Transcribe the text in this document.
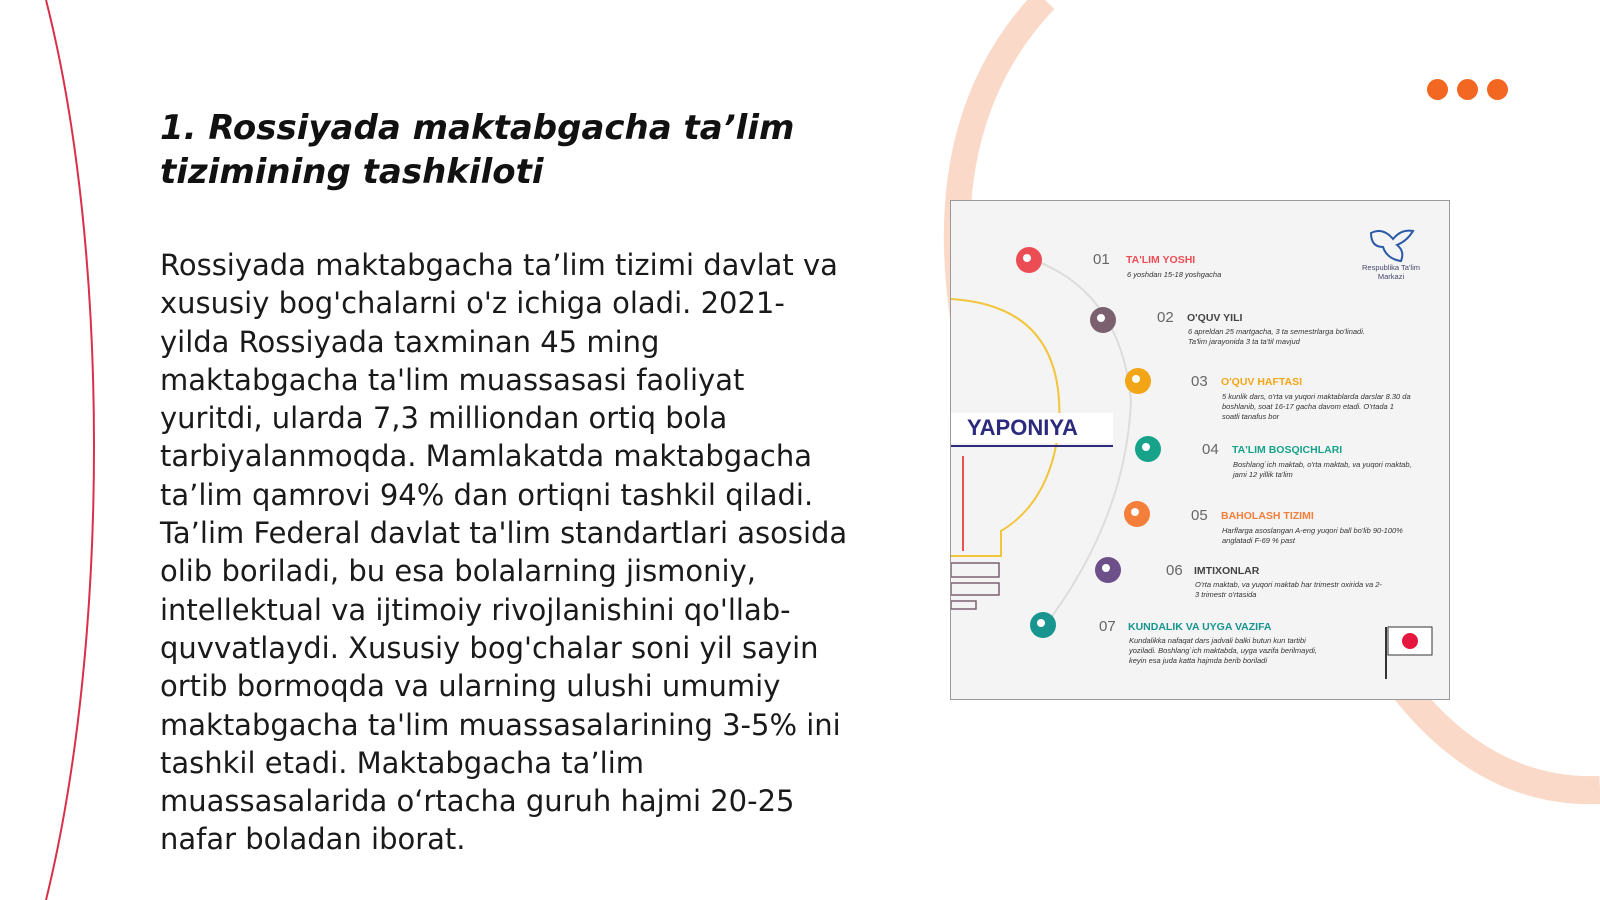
1. Rossiyada maktabgacha ta’lim tizimining tashkiloti

Rossiyada maktabgacha ta’lim tizimi davlat va xususiy bog'chalarni o'z ichiga oladi. 2021-yilda Rossiyada taxminan 45 ming maktabgacha ta'lim muassasasi faoliyat yuritdi, ularda 7,3 milliondan ortiq bola tarbiyalanmoqda. Mamlakatda maktabgacha ta’lim qamrovi 94% dan ortiqni tashkil qiladi. Ta’lim Federal davlat ta'lim standartlari asosida olib boriladi, bu esa bolalarning jismoniy, intellektual va ijtimoiy rivojlanishini qo'llab-quvvatlaydi. Xususiy bog'chalar soni yil sayin ortib bormoqda va ularning ulushi umumiy maktabgacha ta'lim muassasalarining 3-5% ini tashkil etadi. Maktabgacha ta’lim muassasalarida o‘rtacha guruh hajmi 20-25 nafar boladan iborat.

YAPONIYA
Respublika Ta'lim Markazi
01 TA'LIM YOSHI
6 yoshdan 15-18 yoshgacha
02 O'QUV YILI
6 apreldan 25 martgacha, 3 ta semestrlarga bo'linadi. Ta'lim jarayonida 3 ta ta'til mavjud
03 O'QUV HAFTASI
5 kunlik dars, o'rta va yuqori maktablarda darslar 8.30 da boshlanib, soat 16-17 gacha davom etadi. O'rtada 1 soatli tanafus bor
04 TA'LIM BOSQICHLARI
Boshlang`ich maktab, o'rta maktab, va yuqori maktab, jami 12 yillik ta'lim
05 BAHOLASH TIZIMI
Harflarga asoslangan A-eng yuqori ball bo'lib 90-100% anglatadi F-69 % past
06 IMTIXONLAR
O'rta maktab, va yuqori maktab har trimestr oxirida va 2-3 trimestr o'rtasida
07 KUNDALIK VA UYGA VAZIFA
Kundalikka nafaqat dars jadvali balki butun kun tartibi yoziladi. Boshlang`ich maktabda, uyga vazifa berilmaydi, keyin esa juda katta hajmda berib boriladi
